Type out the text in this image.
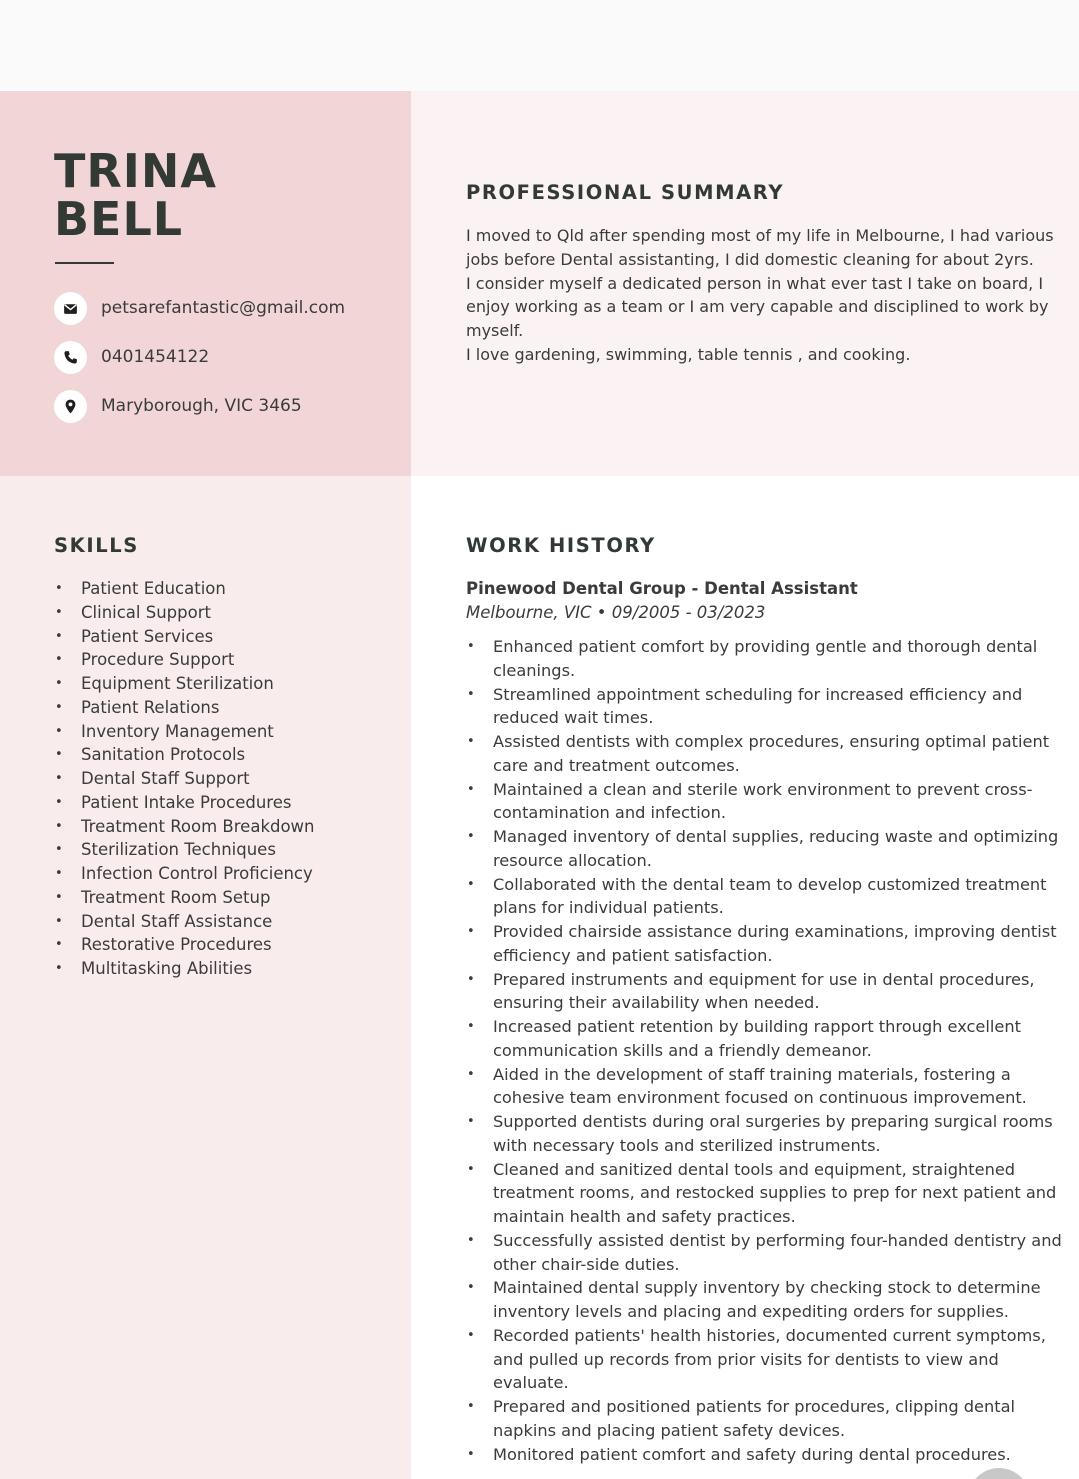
TRINA
BELL
petsarefantastic@gmail.com
0401454122
Maryborough, VIC 3465
PROFESSIONAL SUMMARY

I moved to Qld after spending most of my life in Melbourne, I had various jobs before Dental assistanting, I did domestic cleaning for about 2yrs.

I consider myself a dedicated person in what ever tast I take on board, I enjoy working as a team or I am very capable and disciplined to work by myself.

I love gardening, swimming, table tennis , and cooking.

SKILLS
• Patient Education
• Clinical Support
• Patient Services
• Procedure Support
• Equipment Sterilization
• Patient Relations
• Inventory Management
• Sanitation Protocols
• Dental Staff Support
• Patient Intake Procedures
• Treatment Room Breakdown
• Sterilization Techniques
• Infection Control Proficiency
• Treatment Room Setup
• Dental Staff Assistance
• Restorative Procedures
• Multitasking Abilities
WORK HISTORY
Pinewood Dental Group - Dental Assistant
Melbourne, VIC • 09/2005 - 03/2023
• Enhanced patient comfort by providing gentle and thorough dental cleanings.
• Streamlined appointment scheduling for increased efficiency and reduced wait times.
• Assisted dentists with complex procedures, ensuring optimal patient care and treatment outcomes.
• Maintained a clean and sterile work environment to prevent cross-contamination and infection.
• Managed inventory of dental supplies, reducing waste and optimizing resource allocation.
• Collaborated with the dental team to develop customized treatment plans for individual patients.
• Provided chairside assistance during examinations, improving dentist efficiency and patient satisfaction.
• Prepared instruments and equipment for use in dental procedures, ensuring their availability when needed.
• Increased patient retention by building rapport through excellent communication skills and a friendly demeanor.
• Aided in the development of staff training materials, fostering a cohesive team environment focused on continuous improvement.
• Supported dentists during oral surgeries by preparing surgical rooms with necessary tools and sterilized instruments.
• Cleaned and sanitized dental tools and equipment, straightened treatment rooms, and restocked supplies to prep for next patient and maintain health and safety practices.
• Successfully assisted dentist by performing four-handed dentistry and other chair-side duties.
• Maintained dental supply inventory by checking stock to determine inventory levels and placing and expediting orders for supplies.
• Recorded patients' health histories, documented current symptoms, and pulled up records from prior visits for dentists to view and evaluate.
• Prepared and positioned patients for procedures, clipping dental napkins and placing patient safety devices.
• Monitored patient comfort and safety during dental procedures.
